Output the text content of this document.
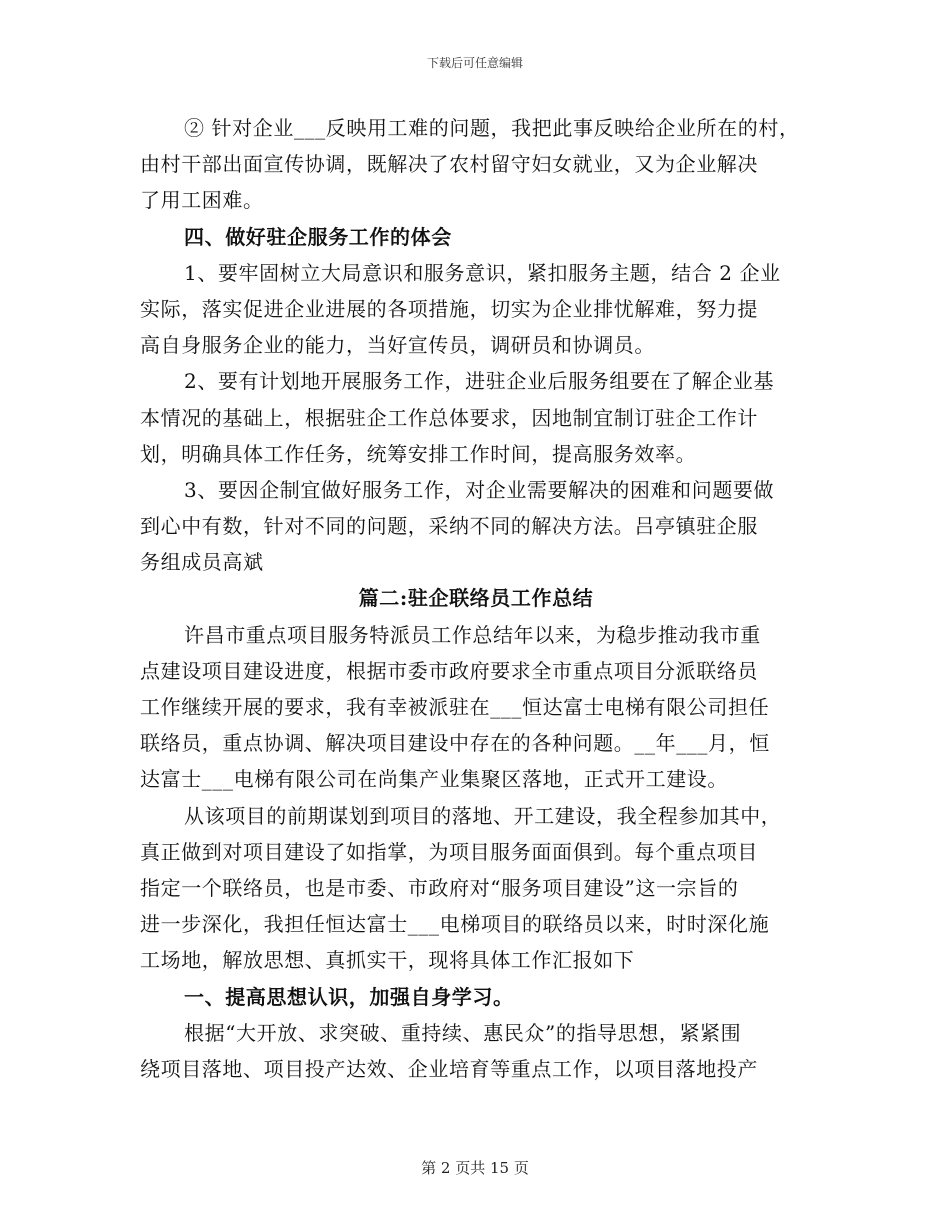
下载后可任意编辑
② 针对企业___反映用工难的问题，我把此事反映给企业所在的村，
由村干部出面宣传协调，既解决了农村留守妇女就业，又为企业解决
了用工困难。
四、做好驻企服务工作的体会
1、要牢固树立大局意识和服务意识，紧扣服务主题，结合 2 企业
实际，落实促进企业进展的各项措施，切实为企业排忧解难，努力提
高自身服务企业的能力，当好宣传员，调研员和协调员。
2、要有计划地开展服务工作，进驻企业后服务组要在了解企业基
本情况的基础上，根据驻企工作总体要求，因地制宜制订驻企工作计
划，明确具体工作任务，统筹安排工作时间，提高服务效率。
3、要因企制宜做好服务工作，对企业需要解决的困难和问题要做
到心中有数，针对不同的问题，采纳不同的解决方法。吕亭镇驻企服
务组成员高斌
篇二:驻企联络员工作总结
许昌市重点项目服务特派员工作总结年以来，为稳步推动我市重
点建设项目建设进度，根据市委市政府要求全市重点项目分派联络员
工作继续开展的要求，我有幸被派驻在___恒达富士电梯有限公司担任
联络员，重点协调、解决项目建设中存在的各种问题。__年___月，恒
达富士___电梯有限公司在尚集产业集聚区落地，正式开工建设。
从该项目的前期谋划到项目的落地、开工建设，我全程参加其中，
真正做到对项目建设了如指掌，为项目服务面面俱到。每个重点项目
指定一个联络员，也是市委、市政府对“服务项目建设”这一宗旨的
进一步深化，我担任恒达富士___电梯项目的联络员以来，时时深化施
工场地，解放思想、真抓实干，现将具体工作汇报如下
一、提高思想认识，加强自身学习。
根据“大开放、求突破、重持续、惠民众”的指导思想，紧紧围
绕项目落地、项目投产达效、企业培育等重点工作，以项目落地投产
第 2 页共 15 页
